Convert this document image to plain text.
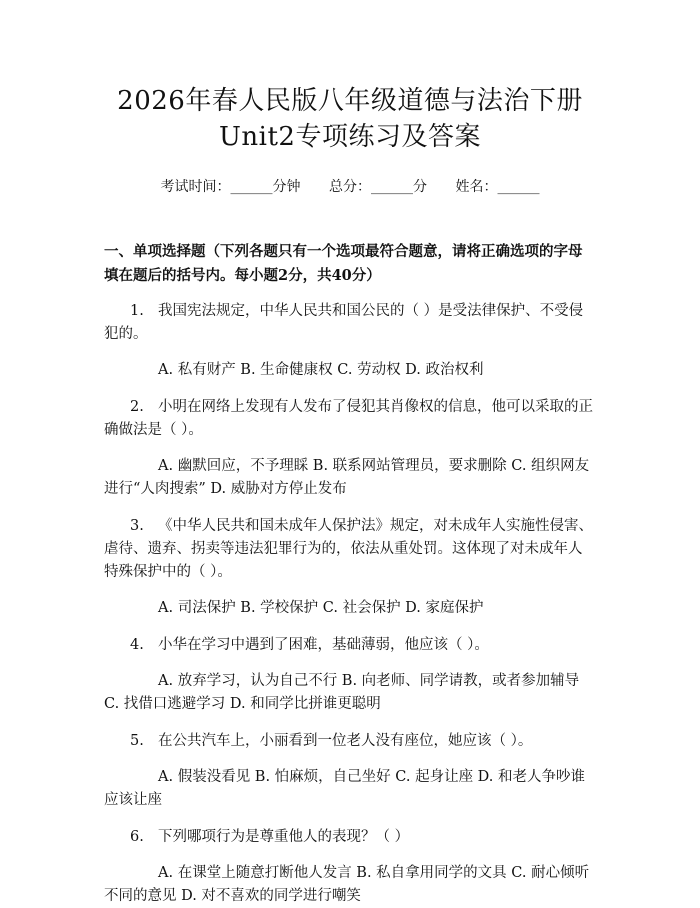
2026年春人民版八年级道德与法治下册
Unit2专项练习及答案
考试时间：______分钟 总分：______分 姓名：______
一、单项选择题（下列各题只有一个选项最符合题意，请将正确选项的字母填在题后的括号内。每小题2分，共40分）
1. 我国宪法规定，中华人民共和国公民的（ ）是受法律保护、不受侵犯的。
A. 私有财产 B. 生命健康权 C. 劳动权 D. 政治权利
2. 小明在网络上发现有人发布了侵犯其肖像权的信息，他可以采取的正确做法是（ ）。
A. 幽默回应，不予理睬 B. 联系网站管理员，要求删除 C. 组织网友进行“人肉搜索” D. 威胁对方停止发布
3. 《中华人民共和国未成年人保护法》规定，对未成年人实施性侵害、虐待、遗弃、拐卖等违法犯罪行为的，依法从重处罚。这体现了对未成年人特殊保护中的（ ）。
A. 司法保护 B. 学校保护 C. 社会保护 D. 家庭保护
4. 小华在学习中遇到了困难，基础薄弱，他应该（ ）。
A. 放弃学习，认为自己不行 B. 向老师、同学请教，或者参加辅导 C. 找借口逃避学习 D. 和同学比拼谁更聪明
5. 在公共汽车上，小丽看到一位老人没有座位，她应该（ ）。
A. 假装没看见 B. 怕麻烦，自己坐好 C. 起身让座 D. 和老人争吵谁应该让座
6. 下列哪项行为是尊重他人的表现？（ ）
A. 在课堂上随意打断他人发言 B. 私自拿用同学的文具 C. 耐心倾听不同的意见 D. 对不喜欢的同学进行嘲笑
